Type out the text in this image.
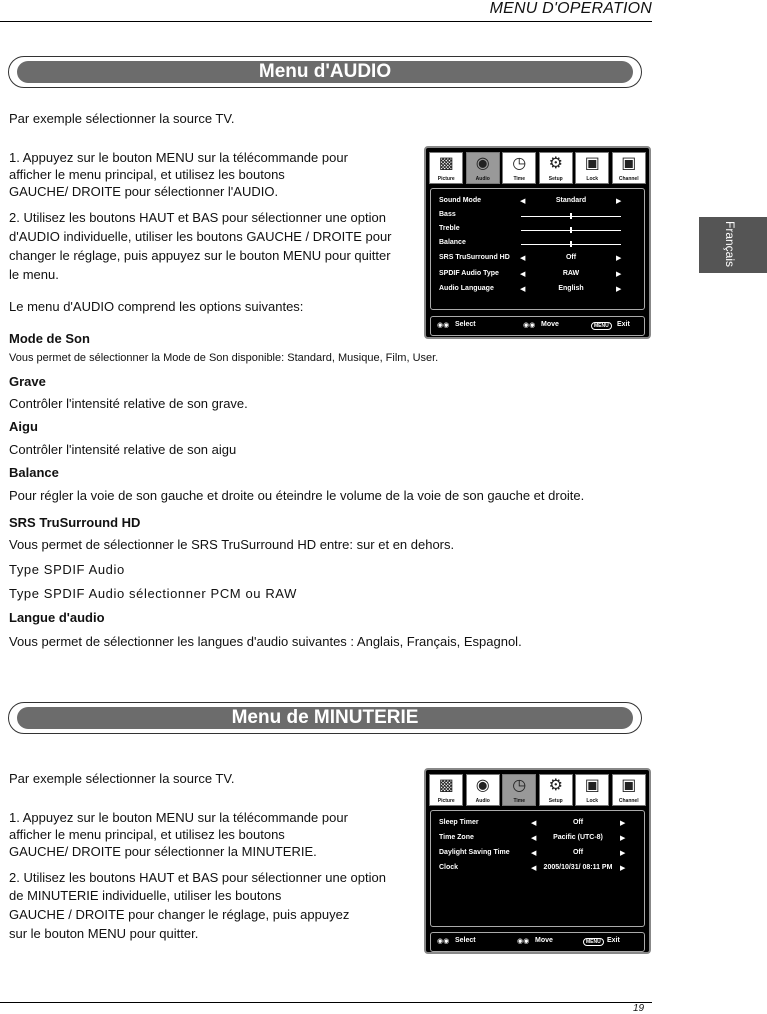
MENU D'OPERATION
Français
Menu d'AUDIO
Par exemple sélectionner la source TV.
1. Appuyez sur le bouton MENU sur la télécommande pour
afficher le menu principal, et utilisez les boutons
GAUCHE/ DROITE pour sélectionner l'AUDIO.
2. Utilisez les boutons HAUT et BAS pour sélectionner une option
d'AUDIO individuelle, utiliser les boutons GAUCHE / DROITE pour
changer le réglage, puis appuyez sur le bouton MENU pour quitter
le menu.
Le menu d'AUDIO comprend les options suivantes:
Mode de Son
Vous permet de sélectionner la Mode de Son disponible: Standard, Musique, Film, User.
Grave
Contrôler l'intensité relative de son grave.
Aigu
Contrôler l'intensité relative de son aigu
Balance
Pour régler la voie de son gauche et droite ou éteindre le volume de la voie de son gauche et droite.
SRS TruSurround HD
Vous permet de sélectionner le SRS TruSurround HD entre: sur et en dehors.
Type SPDIF Audio
Type SPDIF Audio sélectionner PCM ou RAW
Langue d'audio
Vous permet de sélectionner les langues d'audio suivantes : Anglais, Français, Espagnol.
▩
Picture
◉
Audio
◷
Time
⚙
Setup
▣
Lock
▣
Channel
Sound Mode	◀	Standard	▶
Bass
Treble
Balance
SRS TruSurround HD ◀	Off	▶
SPDIF Audio Type	◀	RAW	▶
Audio Language	◀	English	▶
◉◉ Select	◉◉ Move	MENU	Exit
Menu de MINUTERIE
Par exemple sélectionner la source TV.
1. Appuyez sur le bouton MENU sur la télécommande pour
afficher le menu principal, et utilisez les boutons
GAUCHE/ DROITE pour sélectionner la MINUTERIE.
2. Utilisez les boutons HAUT et BAS pour sélectionner une option
de MINUTERIE individuelle, utiliser les boutons
GAUCHE / DROITE pour changer le réglage, puis appuyez
sur le bouton MENU pour quitter.
▩
Picture
◉
Audio
◷
Time
⚙
Setup
▣
Lock
▣
Channel
Sleep Timer	◀	Off	▶
Time Zone	◀	Pacific (UTC-8)	▶
Daylight Saving Time	◀	Off	▶
Clock	◀	2005/10/31/ 08:11 PM	▶
◉◉ Select	◉◉ Move	MENU Exit
19
